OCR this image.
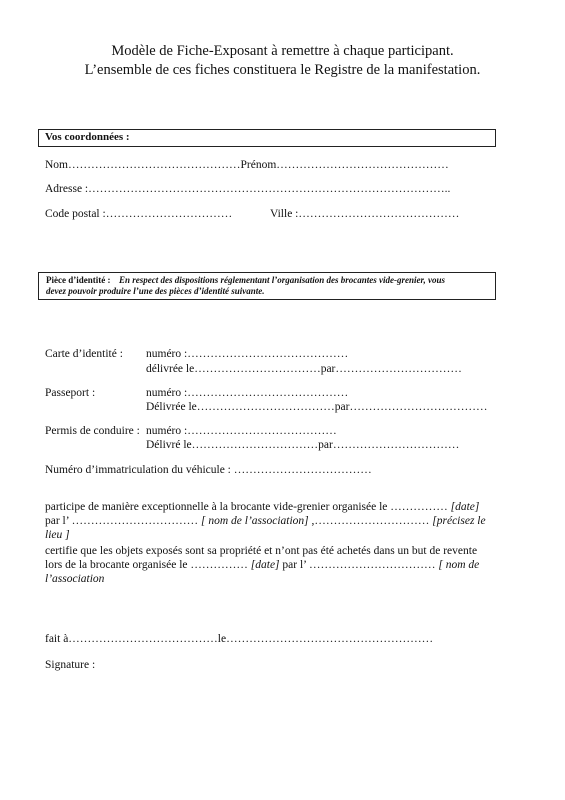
Modèle de Fiche-Exposant à remettre à chaque participant.
L’ensemble de ces fiches constituera le Registre de la manifestation.
Vos coordonnées :
Nom………………………………………Prénom………………………………………
Adresse :…………………………………………………………………………………..
Code postal :……………………………	Ville :……………………………………
Pièce d’identité : En respect des dispositions réglementant l’organisation des brocantes vide-grenier, vous
devez pouvoir produire l’une des pièces d’identité suivante.
Carte d’identité : numéro :……………………………………
délivrée le……………………………par……………………………
Passeport :	numéro :……………………………………
Délivrée le………………………………par………………………………
Permis de conduire : numéro :…………………………………
Délivré le……………………………par……………………………
Numéro d’immatriculation du véhicule : ………………………………
participe de manière exceptionnelle à la brocante vide-grenier organisée le …………… [date]
par l’ …………………………… [ nom de l’association] ,………………………… [précisez le
lieu ]
certifie que les objets exposés sont sa propriété et n’ont pas été achetés dans un but de revente
lors de la brocante organisée le …………… [date] par l’ …………………………… [ nom de
l’association
fait à…………………………………le………………………………………………
Signature :
